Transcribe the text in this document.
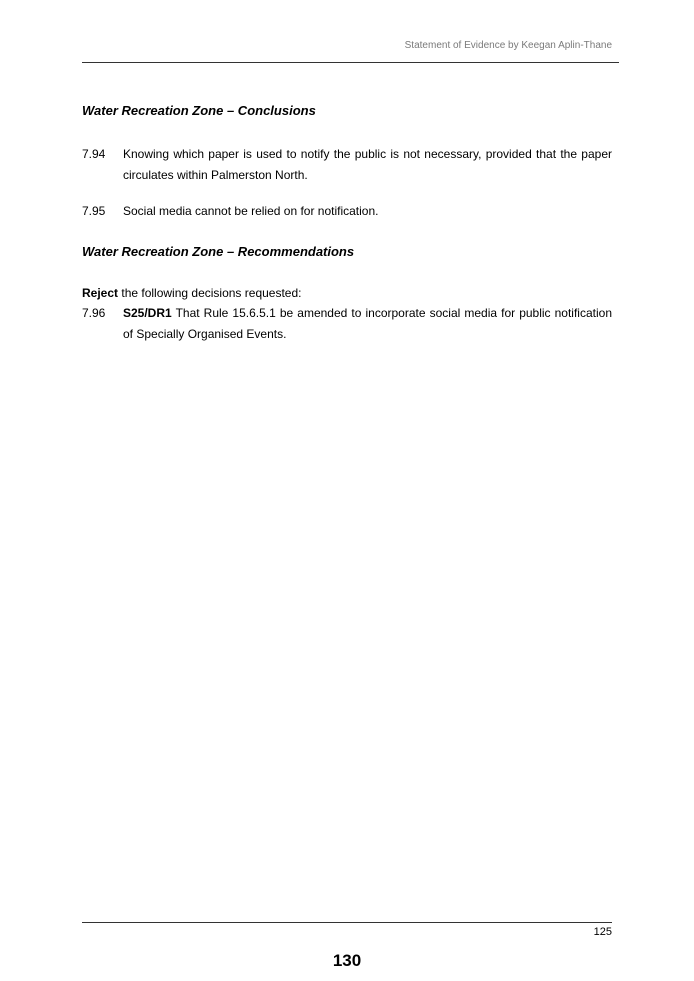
Statement of Evidence by Keegan Aplin-Thane
Water Recreation Zone – Conclusions
7.94 Knowing which paper is used to notify the public is not necessary, provided that the paper circulates within Palmerston North.
7.95 Social media cannot be relied on for notification.
Water Recreation Zone – Recommendations
Reject the following decisions requested:
7.96 S25/DR1 That Rule 15.6.5.1 be amended to incorporate social media for public notification of Specially Organised Events.
125
130
